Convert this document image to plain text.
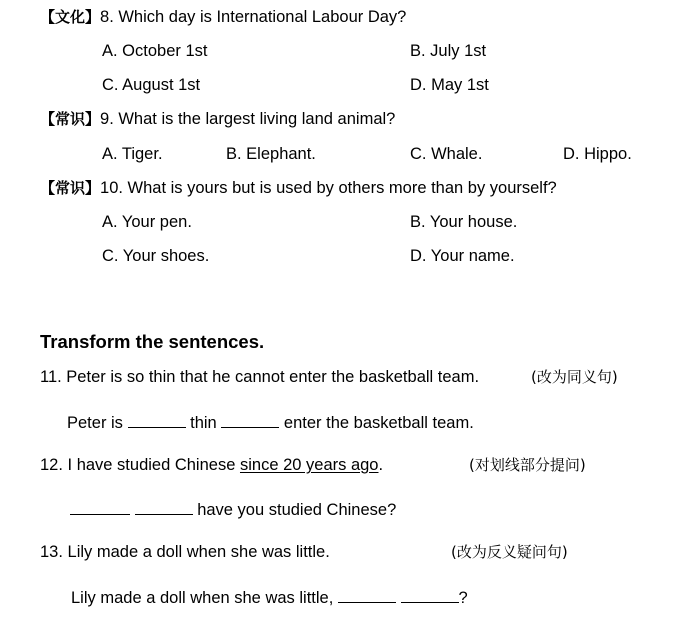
【文化】8. Which day is International Labour Day?
A. October 1st	B. July 1st
C. August 1st	D. May 1st
【常识】9. What is the largest living land animal?
A. Tiger.	B. Elephant.	C. Whale.	D. Hippo.
【常识】10. What is yours but is used by others more than by yourself?
A. Your pen.	B. Your house.
C. Your shoes.	D. Your name.
Transform the sentences.
11. Peter is so thin that he cannot enter the basketball team.	(改为同义句)
Peter is	thin	enter the basketball team.
12. I have studied Chinese since 20 years ago.	(对划线部分提问)
have you studied Chinese?
13. Lily made a doll when she was little.	(改为反义疑问句)
Lily made a doll when she was little,	?
